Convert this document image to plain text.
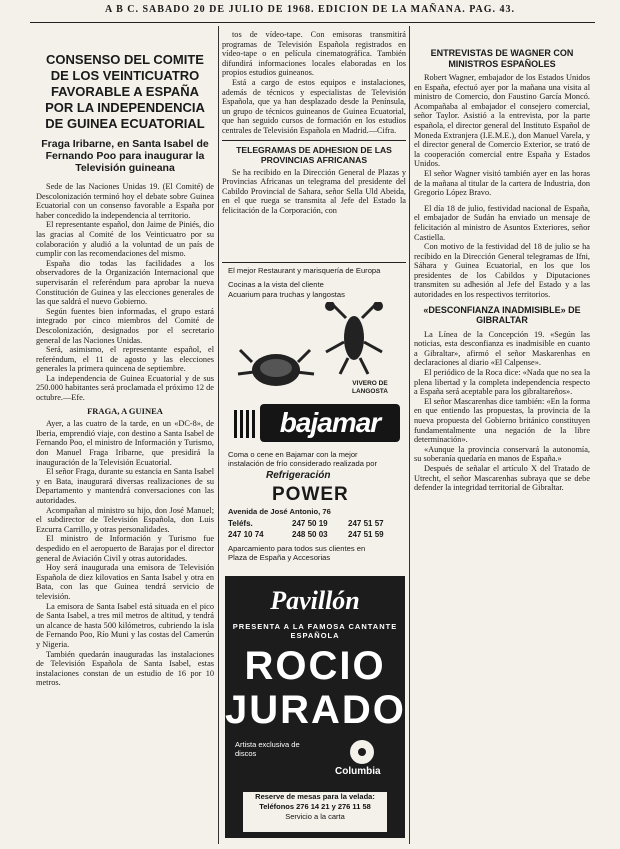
A B C. SABADO 20 DE JULIO DE 1968. EDICION DE LA MAÑANA. PAG. 43.
CONSENSO DEL COMITE DE LOS VEINTICUATRO FAVORABLE A ESPAÑA POR LA INDEPENDENCIA DE GUINEA ECUATORIAL
Fraga Iribarne, en Santa Isabel de Fernando Poo para inaugurar la Televisión guineana

Sede de las Naciones Unidas 19. (El Comité) de Descolonización terminó hoy el debate sobre Guinea Ecuatorial con un consenso favorable a España por haber concedido la independencia al territorio.

El representante español, don Jaime de Piniés, dio las gracias al Comité de los Veinticuatro por su colaboración y aludió a la voluntad de un país de cumplir con las recomendaciones del mismo.

España dio todas las facilidades a los observadores de la Organización Internacional que supervisarán el referéndum para aprobar la nueva Constitución de Guinea y las elecciones generales de las que saldrá el nuevo Gobierno.

Según fuentes bien informadas, el grupo estará integrado por cinco miembros del Comité de Descolonización, designados por el secretario general de las Naciones Unidas.

Será, asimismo, el representante español, el referéndum, el 11 de agosto y las elecciones generales la primera quincena de septiembre.

La independencia de Guinea Ecuatorial y de sus 250.000 habitantes será proclamada el próximo 12 de octubre.—Efe.

FRAGA, A GUINEA

Ayer, a las cuatro de la tarde, en un «DC-8», de Iberia, emprendió viaje, con destino a Santa Isabel de Fernando Poo, el ministro de Información y Turismo, don Manuel Fraga Iribarne, que presidirá la inauguración de la Televisión Ecuatorial.

El señor Fraga, durante su estancia en Santa Isabel y en Bata, inaugurará diversas realizaciones de su Departamento y mantendrá conversaciones con las autoridades.

Acompañan al ministro su hijo, don José Manuel; el subdirector de Televisión Española, don Luis Ezcurra Carrillo, y otras personalidades.

El ministro de Información y Turismo fue despedido en el aeropuerto de Barajas por el director general de Aviación Civil y otras autoridades.

Hoy será inaugurada una emisora de Televisión Española de diez kilovatios en Santa Isabel y otra en Bata, con las que Guinea tendrá servicio de televisión.

La emisora de Santa Isabel está situada en el pico de Santa Isabel, a tres mil metros de altitud, y tendrá un alcance de hasta 500 kilómetros, cubriendo la isla de Fernando Poo, Río Muni y las costas del Camerún y Nigeria.

También quedarán inauguradas las instalaciones de Televisión Española de Santa Isabel, estas instalaciones constan de un estudio de 16 por 10 metros.

tos de vídeo-tape. Con emisoras transmitirá programas de Televisión Española registrados en vídeo-tape o en película cinematográfica. También difundirá informaciones locales elaboradas en los propios estudios guineanos.

Está a cargo de estos equipos e instalaciones, además de técnicos y especialistas de Televisión Española, que ya han desplazado desde la Península, un grupo de técnicos guineanos de Guinea Ecuatorial, que han seguido cursos de formación en los estudios centrales de Televisión Española en Madrid.—Cifra.

TELEGRAMAS DE ADHESION DE LAS PROVINCIAS AFRICANAS

Se ha recibido en la Dirección General de Plazas y Provincias Africanas un telegrama del presidente del Cabildo Provincial de Sahara, señor Sella Uld Abeida, en el que ruega se transmita al Jefe del Estado la felicitación de la Corporación, con

El mejor Restaurant y marisquería de Europa
Cocinas a la vista del cliente
Acuarium para truchas y langostas
VIVERO DE LANGOSTA
bajamar
Coma o cene en Bajamar con la mejor
instalación de frío considerado realizada por
Refrigeración
POWER
Avenida de José Antonio, 76
Teléfs.	247 50 19	247 51 57
247 10 74	248 50 03	247 51 59
Aparcamiento para todos sus clientes en
Plaza de España y Accesorias
Pavillón
PRESENTA A LA FAMOSA CANTANTE ESPAÑOLA
ROCIO
JURADO
Artista exclusiva de discos
Columbia
Reserve de mesas para la velada:
Teléfonos 276 14 21 y 276 11 58
Servicio a la carta
ENTREVISTAS DE WAGNER CON MINISTROS ESPAÑOLES

Robert Wagner, embajador de los Estados Unidos en España, efectuó ayer por la mañana una visita al ministro de Comercio, don Faustino García Moncó. Acompañaba al embajador el consejero comercial, señor Taylor. Asistió a la entrevista, por la parte española, el director general del Instituto Español de Moneda Extranjera (I.E.M.E.), don Manuel Varela, y el director general de Comercio Exterior, se trató de la cooperación comercial entre España y Estados Unidos.

El señor Wagner visitó también ayer en las horas de la mañana al titular de la cartera de Industria, don Gregorio López Bravo.

El día 18 de julio, festividad nacional de España, el embajador de Sudán ha enviado un mensaje de felicitación al ministro de Asuntos Exteriores, señor Castiella.

Con motivo de la festividad del 18 de julio se ha recibido en la Dirección General telegramas de Ifni, Sáhara y Guinea Ecuatorial, en los que los presidentes de los Cabildos y Diputaciones transmiten su adhesión al Jefe del Estado y a las autoridades en los respectivos territorios.

«DESCONFIANZA INADMISIBLE» DE GIBRALTAR

La Línea de la Concepción 19. «Según las noticias, esta desconfianza es inadmisible en cuanto a Gibraltar», afirmó el señor Maskarenhas en declaraciones al diario «El Calpense».

El periódico de la Roca dice: «Nada que no sea la plena libertad y la completa independencia respecto a España será aceptable para los gibraltareños».

El señor Mascarenhas dice también: «En la forma en que entiendo las propuestas, la provincia de la nueva propuesta del Gobierno británico constituyen fundamentalmente una negación de la libre determinación».

«Aunque la provincia conservará la autonomía, su soberanía quedaría en manos de España.»

Después de señalar el artículo X del Tratado de Utrecht, el señor Mascarenhas subraya que se debe defender la integridad territorial de Gibraltar.
